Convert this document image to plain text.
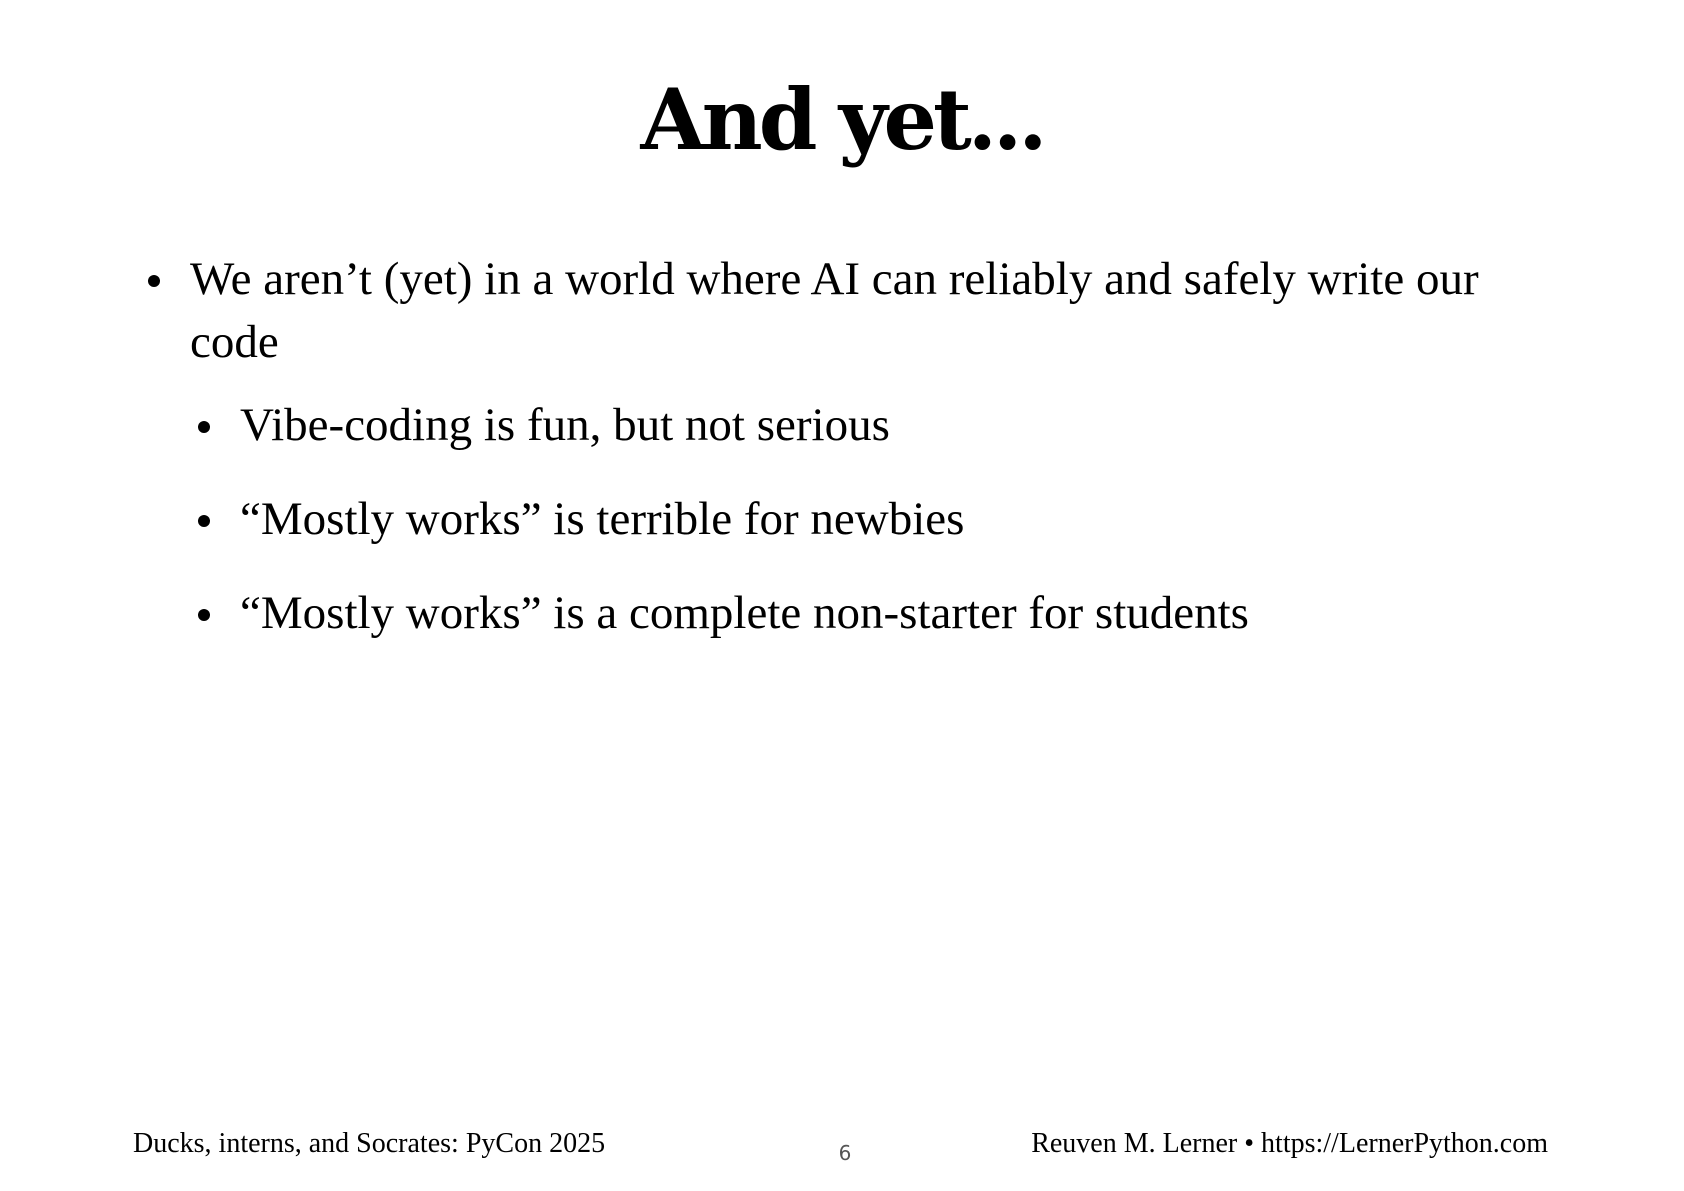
And yet...
We aren’t (yet) in a world where AI can reliably and safely write our code
Vibe-coding is fun, but not serious
“Mostly works” is terrible for newbies
“Mostly works” is a complete non-starter for students
Ducks, interns, and Socrates: PyCon 2025	6	Reuven M. Lerner • https://LernerPython.com
